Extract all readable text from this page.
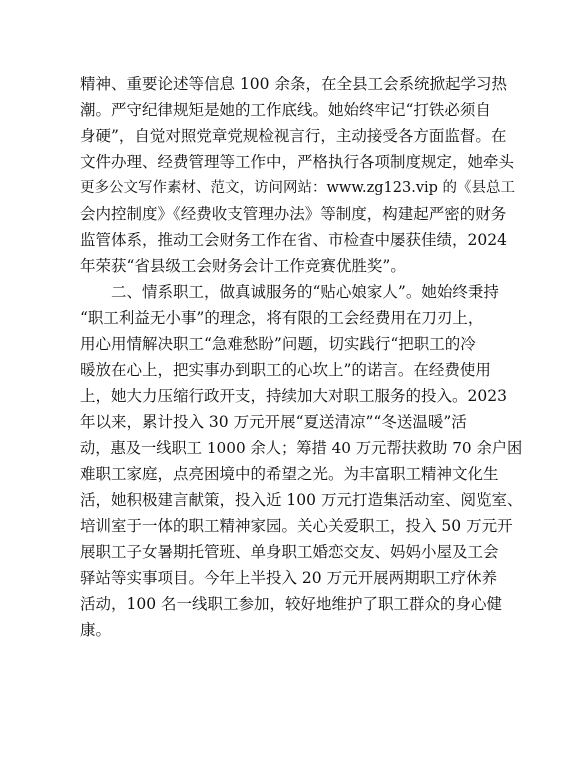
精神、重要论述等信息 100 余条，在全县工会系统掀起学习热
潮。严守纪律规矩是她的工作底线。她始终牢记“打铁必须自
身硬”，自觉对照党章党规检视言行，主动接受各方面监督。在
文件办理、经费管理等工作中，严格执行各项制度规定，她牵头
更多公文写作素材、范文，访问网站：www.zg123.vip 的《县总工
会内控制度》《经费收支管理办法》等制度，构建起严密的财务
监管体系，推动工会财务工作在省、市检查中屡获佳绩，2024
年荣获“省县级工会财务会计工作竞赛优胜奖”。
二、情系职工，做真诚服务的“贴心娘家人”。她始终秉持
“职工利益无小事”的理念，将有限的工会经费用在刀刃上，
用心用情解决职工“急难愁盼”问题，切实践行“把职工的冷
暖放在心上，把实事办到职工的心坎上”的诺言。在经费使用
上，她大力压缩行政开支，持续加大对职工服务的投入。2023
年以来，累计投入 30 万元开展“夏送清凉”“冬送温暖”活
动，惠及一线职工 1000 余人；筹措 40 万元帮扶救助 70 余户困
难职工家庭，点亮困境中的希望之光。为丰富职工精神文化生
活，她积极建言献策，投入近 100 万元打造集活动室、阅览室、
培训室于一体的职工精神家园。关心关爱职工，投入 50 万元开
展职工子女暑期托管班、单身职工婚恋交友、妈妈小屋及工会
驿站等实事项目。今年上半投入 20 万元开展两期职工疗休养
活动，100 名一线职工参加，较好地维护了职工群众的身心健
康。
